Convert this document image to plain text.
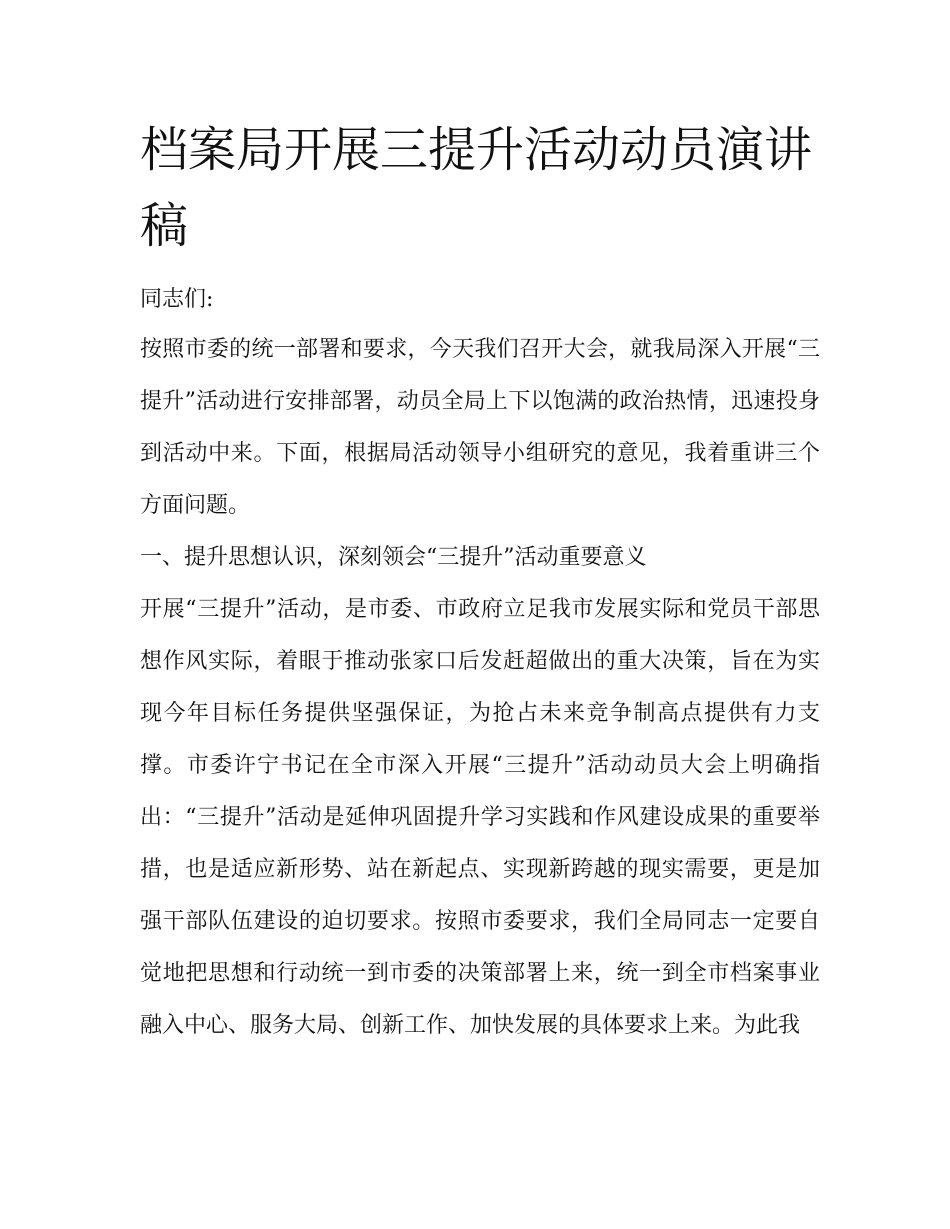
档案局开展三提升活动动员演讲稿

同志们:

按照市委的统一部署和要求，今天我们召开大会，就我局深入开展“三提升”活动进行安排部署，动员全局上下以饱满的政治热情，迅速投身到活动中来。下面，根据局活动领导小组研究的意见，我着重讲三个方面问题。

一、提升思想认识，深刻领会“三提升”活动重要意义

开展“三提升”活动，是市委、市政府立足我市发展实际和党员干部思想作风实际，着眼于推动张家口后发赶超做出的重大决策，旨在为实现今年目标任务提供坚强保证，为抢占未来竞争制高点提供有力支撑。市委许宁书记在全市深入开展“三提升”活动动员大会上明确指出：“三提升”活动是延伸巩固提升学习实践和作风建设成果的重要举措，也是适应新形势、站在新起点、实现新跨越的现实需要，更是加强干部队伍建设的迫切要求。按照市委要求，我们全局同志一定要自觉地把思想和行动统一到市委的决策部署上来，统一到全市档案事业融入中心、服务大局、创新工作、加快发展的具体要求上来。为此我
